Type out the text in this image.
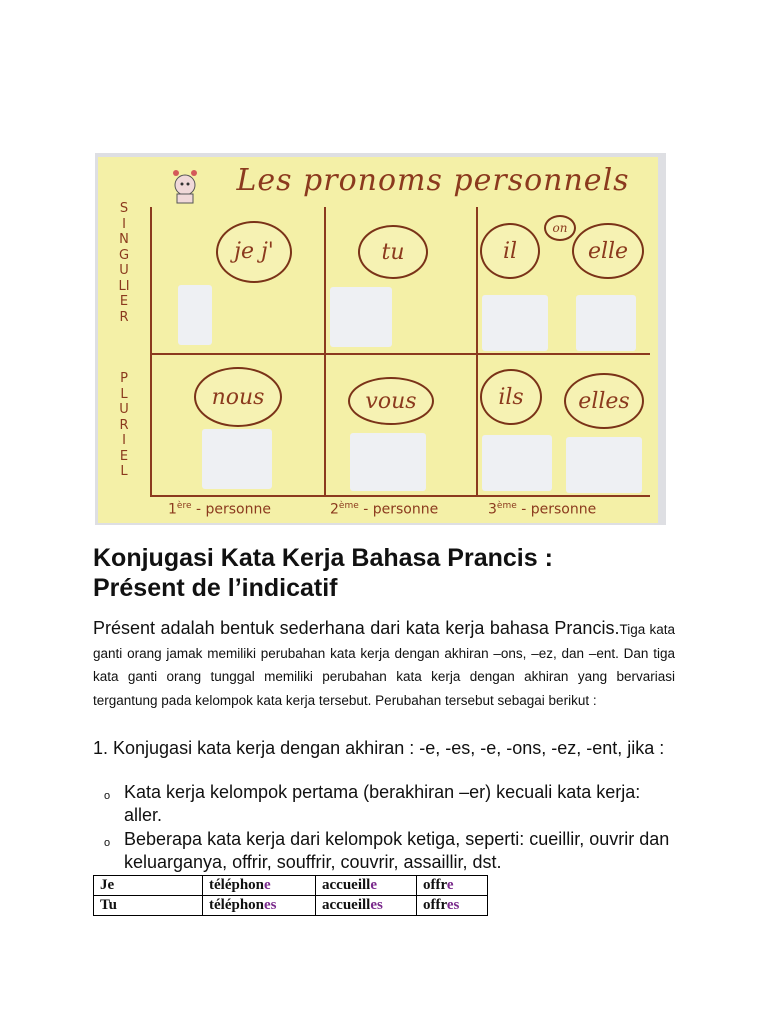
Les pronoms personnels
SINGULIER
PLURIEL
je j'	tu	il
on
elle
nous	vous	ils elles
1ère - personne	2ème - personne	3ème - personne
Konjugasi Kata Kerja Bahasa Prancis :
Présent de l’indicatif
Présent adalah bentuk sederhana dari kata kerja bahasa Prancis.Tiga kata ganti orang jamak memiliki perubahan kata kerja dengan akhiran –ons, –ez, dan –ent. Dan tiga kata ganti orang tunggal memiliki perubahan kata kerja dengan akhiran yang bervariasi tergantung pada kelompok kata kerja tersebut. Perubahan tersebut sebagai berikut :
1. Konjugasi kata kerja dengan akhiran : -e, -es, -e, -ons, -ez, -ent, jika :
o Kata kerja kelompok pertama (berakhiran –er) kecuali kata kerja: aller.
o Beberapa kata kerja dari kelompok ketiga, seperti: cueillir, ouvrir dan keluarganya, offrir, souffrir, couvrir, assaillir, dst.
Je	téléphone	accueille	offre
Tu	téléphones	accueilles	offres
